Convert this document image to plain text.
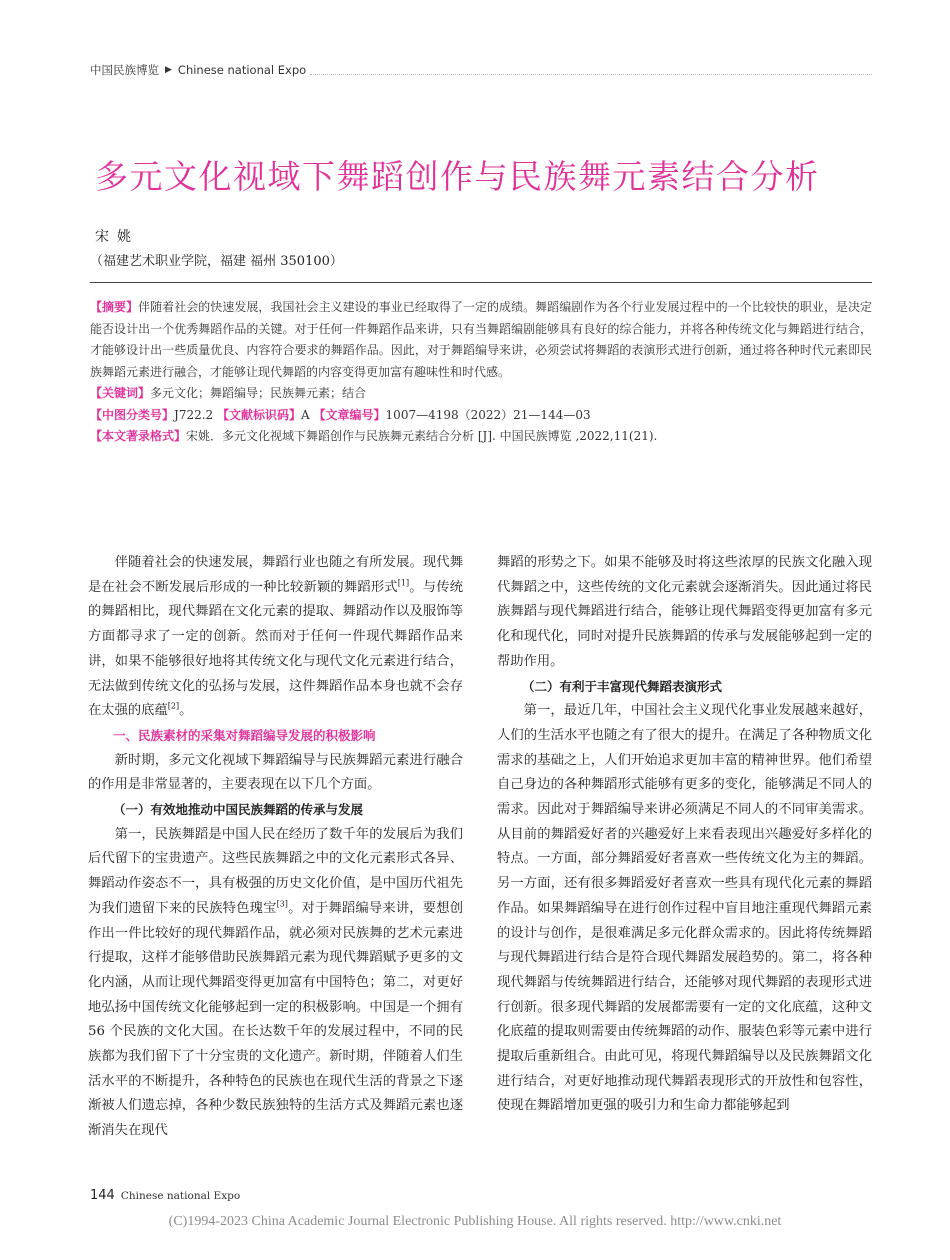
中国民族博览 ▶ Chinese national Expo
多元文化视域下舞蹈创作与民族舞元素结合分析
宋姚
（福建艺术职业学院，福建 福州 350100）
【摘要】伴随着社会的快速发展，我国社会主义建设的事业已经取得了一定的成绩。舞蹈编剧作为各个行业发展过程中的一个比较快的职业，是决定能否设计出一个优秀舞蹈作品的关键。对于任何一件舞蹈作品来讲，只有当舞蹈编剧能够具有良好的综合能力，并将各种传统文化与舞蹈进行结合，才能够设计出一些质量优良、内容符合要求的舞蹈作品。因此，对于舞蹈编导来讲，必须尝试将舞蹈的表演形式进行创新，通过将各种时代元素即民族舞蹈元素进行融合，才能够让现代舞蹈的内容变得更加富有趣味性和时代感。
【关键词】多元文化；舞蹈编导；民族舞元素；结合
【中图分类号】J722.2 【文献标识码】A 【文章编号】1007—4198（2022）21—144—03
【本文著录格式】宋姚．多元文化视域下舞蹈创作与民族舞元素结合分析 [J]. 中国民族博览 ,2022,11(21).

伴随着社会的快速发展，舞蹈行业也随之有所发展。现代舞是在社会不断发展后形成的一种比较新颖的舞蹈形式[1]。与传统的舞蹈相比，现代舞蹈在文化元素的提取、舞蹈动作以及服饰等方面都寻求了一定的创新。然而对于任何一件现代舞蹈作品来讲，如果不能够很好地将其传统文化与现代文化元素进行结合，无法做到传统文化的弘扬与发展，这件舞蹈作品本身也就不会存在太强的底蕴[2]。

一、民族素材的采集对舞蹈编导发展的积极影响

新时期，多元文化视域下舞蹈编导与民族舞蹈元素进行融合的作用是非常显著的，主要表现在以下几个方面。

（一）有效地推动中国民族舞蹈的传承与发展

第一，民族舞蹈是中国人民在经历了数千年的发展后为我们后代留下的宝贵遗产。这些民族舞蹈之中的文化元素形式各异、舞蹈动作姿态不一，具有极强的历史文化价值，是中国历代祖先为我们遗留下来的民族特色瑰宝[3]。对于舞蹈编导来讲，要想创作出一件比较好的现代舞蹈作品，就必须对民族舞的艺术元素进行提取，这样才能够借助民族舞蹈元素为现代舞蹈赋予更多的文化内涵，从而让现代舞蹈变得更加富有中国特色；第二，对更好地弘扬中国传统文化能够起到一定的积极影响。中国是一个拥有 56 个民族的文化大国。在长达数千年的发展过程中，不同的民族都为我们留下了十分宝贵的文化遗产。新时期，伴随着人们生活水平的不断提升，各种特色的民族也在现代生活的背景之下逐渐被人们遗忘掉，各种少数民族独特的生活方式及舞蹈元素也逐渐消失在现代

舞蹈的形势之下。如果不能够及时将这些浓厚的民族文化融入现代舞蹈之中，这些传统的文化元素就会逐渐消失。因此通过将民族舞蹈与现代舞蹈进行结合，能够让现代舞蹈变得更加富有多元化和现代化，同时对提升民族舞蹈的传承与发展能够起到一定的帮助作用。

（二）有利于丰富现代舞蹈表演形式

第一，最近几年，中国社会主义现代化事业发展越来越好，人们的生活水平也随之有了很大的提升。在满足了各种物质文化需求的基础之上，人们开始追求更加丰富的精神世界。他们希望自己身边的各种舞蹈形式能够有更多的变化，能够满足不同人的需求。因此对于舞蹈编导来讲必须满足不同人的不同审美需求。从目前的舞蹈爱好者的兴趣爱好上来看表现出兴趣爱好多样化的特点。一方面，部分舞蹈爱好者喜欢一些传统文化为主的舞蹈。另一方面，还有很多舞蹈爱好者喜欢一些具有现代化元素的舞蹈作品。如果舞蹈编导在进行创作过程中盲目地注重现代舞蹈元素的设计与创作，是很难满足多元化群众需求的。因此将传统舞蹈与现代舞蹈进行结合是符合现代舞蹈发展趋势的。第二，将各种现代舞蹈与传统舞蹈进行结合，还能够对现代舞蹈的表现形式进行创新。很多现代舞蹈的发展都需要有一定的文化底蕴，这种文化底蕴的提取则需要由传统舞蹈的动作、服装色彩等元素中进行提取后重新组合。由此可见，将现代舞蹈编导以及民族舞蹈文化进行结合，对更好地推动现代舞蹈表现形式的开放性和包容性，使现在舞蹈增加更强的吸引力和生命力都能够起到

144 Chinese national Expo
(C)1994-2023 China Academic Journal Electronic Publishing House. All rights reserved. http://www.cnki.net
